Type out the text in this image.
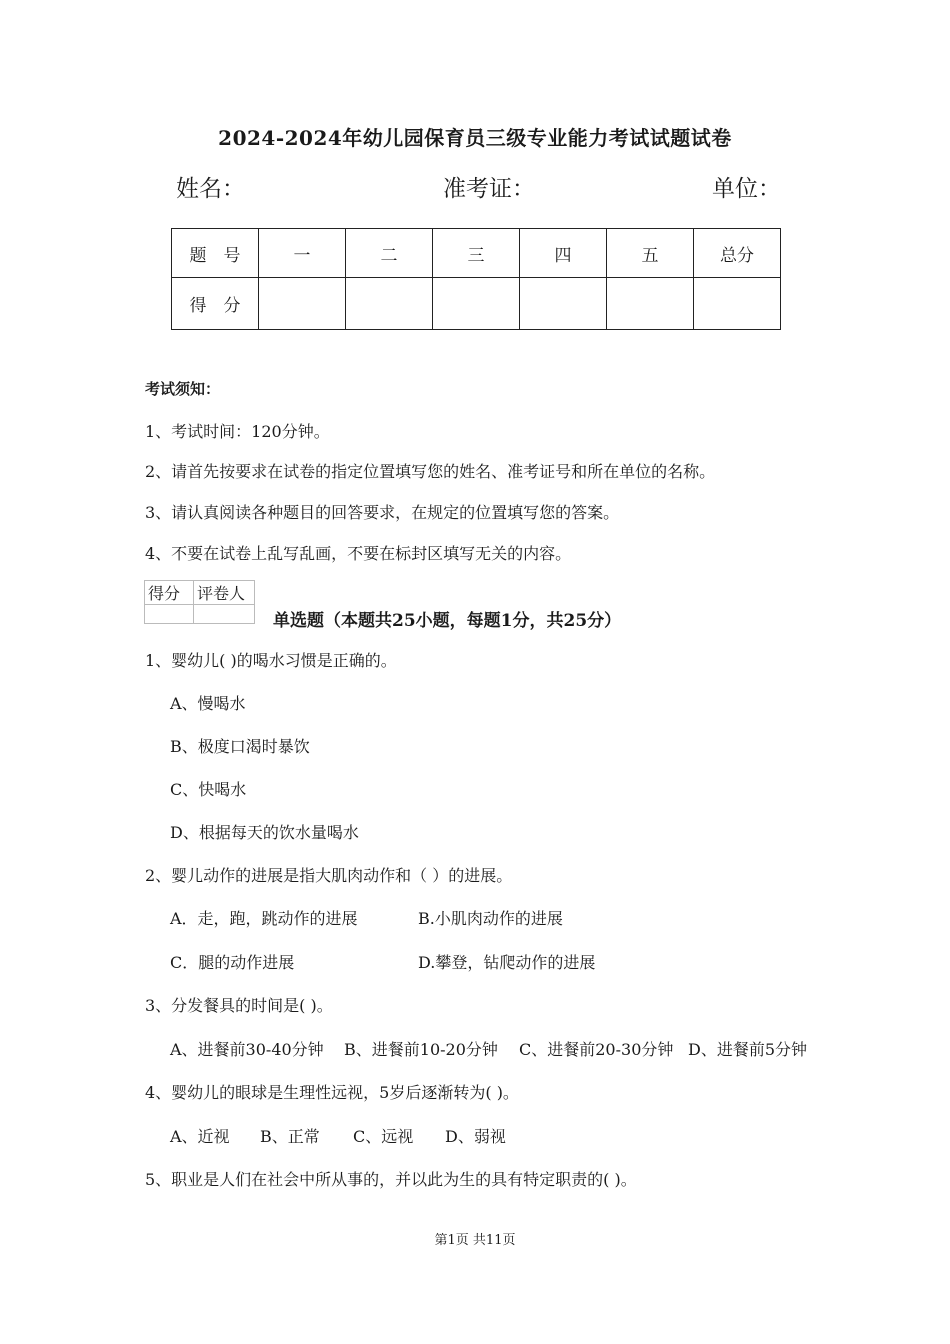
2024-2024年幼儿园保育员三级专业能力考试试题试卷
姓名：	准考证：	单位：
题　号	一	二	三	四	五	总分
得　分						
考试须知：
1、考试时间：120分钟。
2、请首先按要求在试卷的指定位置填写您的姓名、准考证号和所在单位的名称。
3、请认真阅读各种题目的回答要求，在规定的位置填写您的答案。
4、不要在试卷上乱写乱画，不要在标封区填写无关的内容。
得分	评卷人

单选题（本题共25小题，每题1分，共25分）
1、婴幼儿( )的喝水习惯是正确的。
A、慢喝水
B、极度口渴时暴饮
C、快喝水
D、根据每天的饮水量喝水
2、婴儿动作的进展是指大肌肉动作和（ ）的进展。
A．走，跑，跳动作的进展	B.小肌肉动作的进展
C．腿的动作进展	D.攀登，钻爬动作的进展
3、分发餐具的时间是( )。
A、进餐前30-40分钟 B、进餐前10-20分钟 C、进餐前20-30分钟 D、进餐前5分钟
4、婴幼儿的眼球是生理性远视，5岁后逐渐转为( )。
A、近视 B、正常 C、远视 D、弱视
5、职业是人们在社会中所从事的，并以此为生的具有特定职责的( )。
第1页 共11页
